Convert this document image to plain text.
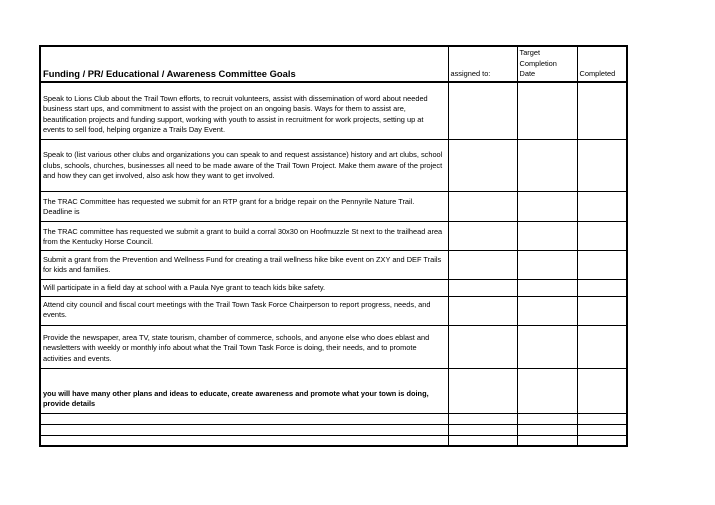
Funding / PR/ Educational / Awareness Committee Goals	assigned to:	Target Completion Date	Completed

Speak to Lions Club about the Trail Town efforts, to recruit volunteers, assist with dissemination of word about needed business start ups, and commitment to assist with the project on an ongoing basis. Ways for them to assist are, beautification projects and funding support, working with youth to assist in recruitment for work projects, setting up at events to sell food, helping organize a Trails Day Event.			

Speak to (list various other clubs and organizations you can speak to and request assistance) history and art clubs, school clubs, schools, churches, businesses all need to be made aware of the Trail Town Project. Make them aware of the project and how they can get involved, also ask how they want to get involved.			

The TRAC Committee has requested we submit for an RTP grant for a bridge repair on the Pennyrile Nature Trail. Deadline is			

The TRAC committee has requested we submit a grant to build a corral 30x30 on Hoofmuzzle St next to the trailhead area from the Kentucky Horse Council.			

Submit a grant from the Prevention and Wellness Fund for creating a trail wellness hike bike event on ZXY and DEF Trails for kids and families.			

Will participate in a field day at school with a Paula Nye grant to teach kids bike safety.			

Attend city council and fiscal court meetings with the Trail Town Task Force Chairperson to report progress, needs, and events.			

Provide the newspaper, area TV, state tourism, chamber of commerce, schools, and anyone else who does eblast and newsletters with weekly or monthly info about what the Trail Town Task Force is doing, their needs, and to promote activities and events.			

you will have many other plans and ideas to educate, create awareness and promote what your town is doing, provide details			
